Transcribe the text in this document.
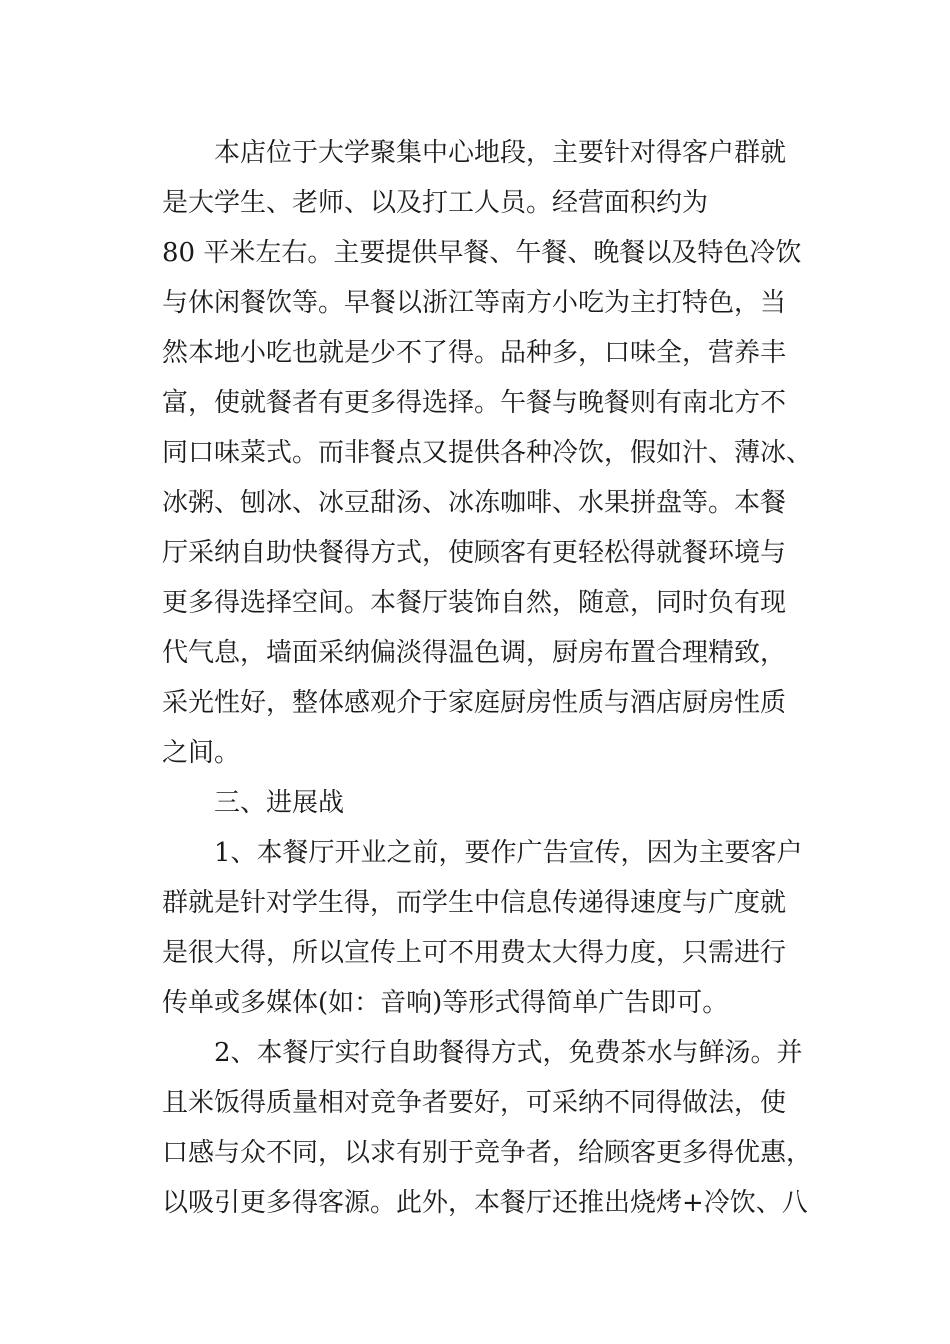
本店位于大学聚集中心地段，主要针对得客户群就
是大学生、老师、以及打工人员。经营面积约为
80 平米左右。主要提供早餐、午餐、晚餐以及特色冷饮
与休闲餐饮等。早餐以浙江等南方小吃为主打特色，当
然本地小吃也就是少不了得。品种多，口味全，营养丰
富，使就餐者有更多得选择。午餐与晚餐则有南北方不
同口味菜式。而非餐点又提供各种冷饮，假如汁、薄冰、
冰粥、刨冰、冰豆甜汤、冰冻咖啡、水果拼盘等。本餐
厅采纳自助快餐得方式，使顾客有更轻松得就餐环境与
更多得选择空间。本餐厅装饰自然，随意，同时负有现
代气息，墙面采纳偏淡得温色调，厨房布置合理精致，
采光性好，整体感观介于家庭厨房性质与酒店厨房性质
之间。
三、进展战
1、本餐厅开业之前，要作广告宣传，因为主要客户
群就是针对学生得，而学生中信息传递得速度与广度就
是很大得，所以宣传上可不用费太大得力度，只需进行
传单或多媒体(如：音响)等形式得简单广告即可。
2、本餐厅实行自助餐得方式，免费茶水与鲜汤。并
且米饭得质量相对竞争者要好，可采纳不同得做法，使
口感与众不同，以求有别于竞争者，给顾客更多得优惠，
以吸引更多得客源。此外，本餐厅还推出烧烤+冷饮、八
